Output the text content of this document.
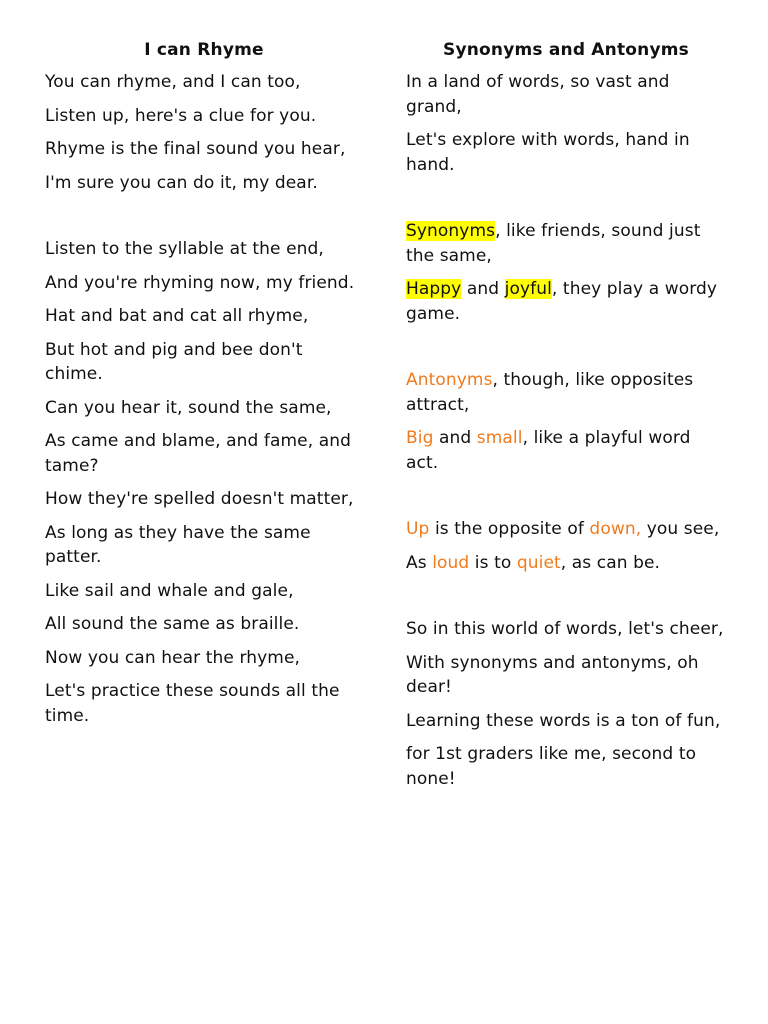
I can Rhyme
You can rhyme, and I can too,
Listen up, here's a clue for you.
Rhyme is the final sound you hear,
I'm sure you can do it, my dear.
Listen to the syllable at the end,
And you're rhyming now, my friend.
Hat and bat and cat all rhyme,
But hot and pig and bee don't chime.
Can you hear it, sound the same,
As came and blame, and fame, and tame?
How they're spelled doesn't matter,
As long as they have the same patter.
Like sail and whale and gale,
All sound the same as braille.
Now you can hear the rhyme,
Let's practice these sounds all the time.
Synonyms and Antonyms
In a land of words, so vast and grand,
Let's explore with words, hand in hand.
Synonyms, like friends, sound just the same,
Happy and joyful, they play a wordy game.
Antonyms, though, like opposites attract,
Big and small, like a playful word act.
Up is the opposite of down, you see,
As loud is to quiet, as can be.
So in this world of words, let's cheer,
With synonyms and antonyms, oh dear!
Learning these words is a ton of fun,
for 1st graders like me, second to none!
